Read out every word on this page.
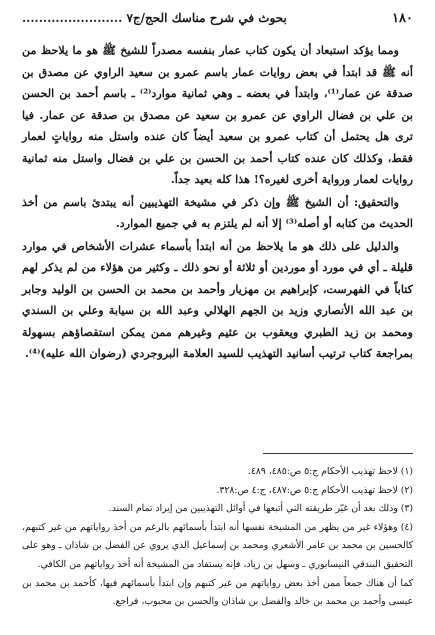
١٨٠
بحوث في شرح مناسك الحج/ج٧ ........................

ومما يؤكد استبعاد أن يكون كتاب عمار بنفسه مصدراً للشيخ ﷺ هو ما يلاحظ من أنه ﷺ قد ابتدأ في بعض روايات عمار باسم عمرو بن سعيد الراوي عن مصدق بن صدقة عن عمار⁽¹⁾، وابتدأ في بعضه ـ وهي ثمانية موارد⁽²⁾ ـ باسم أحمد بن الحسن بن علي بن فضال الراوي عن عمرو بن سعيد عن مصدق بن صدقة عن عمار. فيا ترى هل يحتمل أن كتاب عمرو بن سعيد أيضاً كان عنده واستل منه رواياتٍ لعمار فقط، وكذلك كان عنده كتاب أحمد بن الحسن بن علي بن فضال واستل منه ثمانية روايات لعمار ورواية أخرى لغيره؟! هذا كله بعيد جداً.

والتحقيق: أن الشيخ ﷺ وإن ذكر في مشيخة التهذيبين أنه يبتدئ باسم من أخذ الحديث من كتابه أو أصله⁽³⁾ إلا أنه لم يلتزم به في جميع الموارد.

والدليل على ذلك هو ما يلاحظ من أنه ابتدأ بأسماء عشرات الأشخاص في موارد قليلة ـ أي في مورد أو موردين أو ثلاثة أو نحو ذلك ـ وكثير من هؤلاء من لم يذكر لهم كتاباً في الفهرست، كإبراهيم بن مهزيار وأحمد بن محمد بن الحسن بن الوليد وجابر بن عبد الله الأنصاري وزيد بن الجهم الهلالي وعبد الله بن سيابة وعلي بن السندي ومحمد بن زيد الطبري ويعقوب بن عثيم وغيرهم ممن يمكن استقصاؤهم بسهولة بمراجعة كتاب ترتيب أسانيد التهذيب للسيد العلامة البروجردي (رضوان الله عليه)⁽⁴⁾.

(١) لاحظ تهذيب الأحكام ج:٥ ص:٤٨٥، ٤٨٩.

(٢) لاحظ تهذيب الأحكام ج:٥ ص:٤٨٧، ج:٤ ص:٣٢٨.

(٣) وذلك بعد أن غيّر طريقته التي أتبعها في أوائل التهذيبين من إيراد تمام السند.

(٤) وهؤلاء غير من يظهر من المشيخة نفسها أنه ابتدأ بأسمائهم بالرغم من أخذ رواياتهم من غير كتبهم، كالحسين بن محمد بن عامر الأشعري ومحمد بن إسماعيل الذي يروي عن الفضل بن شاذان ـ وهو على التحقيق البندقي النيسابوري ـ وسهل بن زياد، فإنه يستفاد من المشيخة أنه أخذ رواياتهم من الكافي.

كما أن هناك جمعاً ممن أخذ بعض رواياتهم من غير كتبهم وإن ابتدأ بأسمائهم فيها، كأحمد بن محمد بن عيسى وأحمد بن محمد بن خالد والفضل بن شاذان والحسن بن محبوب، فراجع.
